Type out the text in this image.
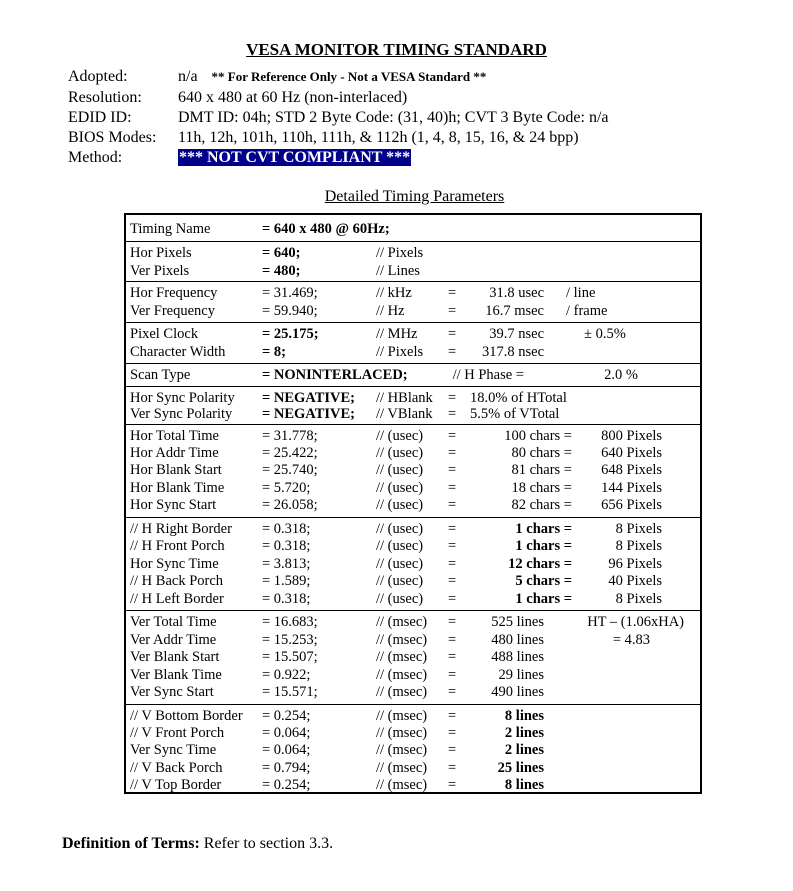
VESA MONITOR TIMING STANDARD
Adopted:	n/a ** For Reference Only - Not a VESA Standard **
Resolution: 640 x 480 at 60 Hz (non-interlaced)
EDID ID:	DMT ID: 04h; STD 2 Byte Code: (31, 40)h; CVT 3 Byte Code: n/a
BIOS Modes: 11h, 12h, 101h, 110h, 111h, & 112h (1, 4, 8, 15, 16, & 24 bpp)
Method:	*** NOT CVT COMPLIANT ***
Detailed Timing Parameters
Timing Name	= 640 x 480 @ 60Hz;
Hor Pixels	= 640;	// Pixels
Ver Pixels	= 480;	// Lines
Hor Frequency	= 31.469;	// kHz = 31.8 usec / line
Ver Frequency	= 59.940;	// Hz	= 16.7 msec / frame
Pixel Clock	= 25.175;	// MHz = 39.7 nsec	± 0.5%
Character Width	= 8;	// Pixels = 317.8 nsec
Scan Type	= NONINTERLACED;	// H Phase =	2.0 %
Hor Sync Polarity = NEGATIVE; // HBlank = 18.0% of HTotal
Ver Sync Polarity = NEGATIVE; // VBlank = 5.5% of VTotal
Hor Total Time	= 31.778;	// (usec) =	100 chars = 800 Pixels
Hor Addr Time	= 25.422;	// (usec) =	80 chars = 640 Pixels
Hor Blank Start	= 25.740;	// (usec) =	81 chars = 648 Pixels
Hor Blank Time	= 5.720;	// (usec) =	18 chars = 144 Pixels
Hor Sync Start	= 26.058;	// (usec) =	82 chars = 656 Pixels
// H Right Border = 0.318;	// (usec) =	1 chars =	8 Pixels
// H Front Porch	= 0.318;	// (usec) =	1 chars =	8 Pixels
Hor Sync Time	= 3.813;	// (usec) =	12 chars =	96 Pixels
// H Back Porch	= 1.589;	// (usec) =	5 chars =	40 Pixels
// H Left Border	= 0.318;	// (usec) =	1 chars =	8 Pixels
Ver Total Time	= 16.683;	// (msec) = 525 lines	HT – (1.06xHA)
Ver Addr Time	= 15.253;	// (msec) = 480 lines	= 4.83
Ver Blank Start	= 15.507;	// (msec) = 488 lines
Ver Blank Time	= 0.922;	// (msec) =	29 lines
Ver Sync Start	= 15.571;	// (msec) = 490 lines
// V Bottom Border = 0.254;	// (msec) =	8 lines
// V Front Porch	= 0.064;	// (msec) =	2 lines
Ver Sync Time	= 0.064;	// (msec) =	2 lines
// V Back Porch	= 0.794;	// (msec) =	25 lines
// V Top Border	= 0.254;	// (msec) =	8 lines
Definition of Terms: Refer to section 3.3.
